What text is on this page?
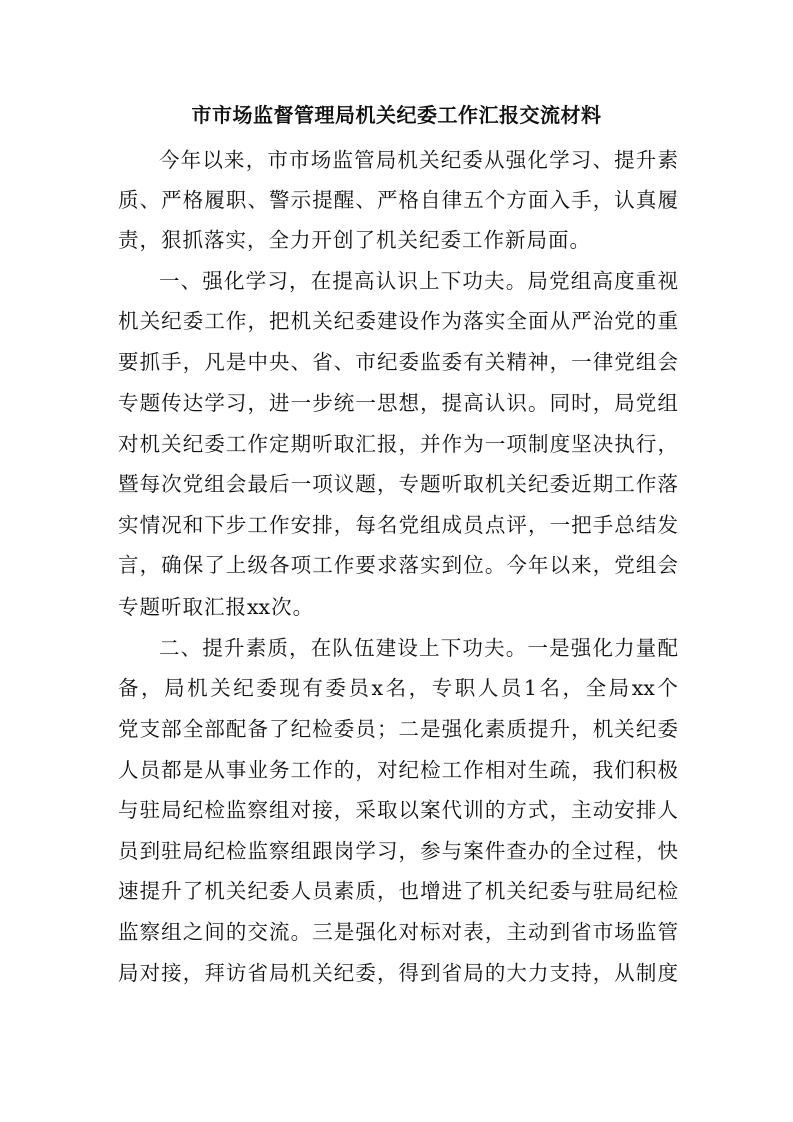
市市场监督管理局机关纪委工作汇报交流材料
今 年 以 来 ， 市 市 场 监 管 局 机 关 纪 委 从 强 化 学 习 、 提 升 素
质 、 严 格 履 职 、 警 示 提 醒 、 严 格 自 律 五 个 方 面 入 手 ， 认 真 履
责 ， 狠 抓 落 实 ， 全 力 开 创 了 机 关 纪 委 工 作 新 局 面 。
一 、 强 化 学 习 ， 在 提 高 认 识 上 下 功 夫 。 局 党 组 高 度 重 视
机 关 纪 委 工 作 ， 把 机 关 纪 委 建 设 作 为 落 实 全 面 从 严 治 党 的 重
要 抓 手 ， 凡 是 中 央 、 省 、 市 纪 委 监 委 有 关 精 神 ， 一 律 党 组 会
专 题 传 达 学 习 ， 进 一 步 统 一 思 想 ， 提 高 认 识 。 同 时 ， 局 党 组
对 机 关 纪 委 工 作 定 期 听 取 汇 报 ， 并 作 为 一 项 制 度 坚 决 执 行 ，
暨 每 次 党 组 会 最 后 一 项 议 题 ， 专 题 听 取 机 关 纪 委 近 期 工 作 落
实 情 况 和 下 步 工 作 安 排 ， 每 名 党 组 成 员 点 评 ， 一 把 手 总 结 发
言 ， 确 保 了 上 级 各 项 工 作 要 求 落 实 到 位 。 今 年 以 来 ， 党 组 会
专 题 听 取 汇 报 xx 次 。
二 、 提 升 素 质 ， 在 队 伍 建 设 上 下 功 夫 。 一 是 强 化 力 量 配
备 ， 局 机 关 纪 委 现 有 委 员 x 名 ， 专 职 人 员 1 名 ， 全 局 xx 个
党 支 部 全 部 配 备 了 纪 检 委 员 ； 二 是 强 化 素 质 提 升 ， 机 关 纪 委
人 员 都 是 从 事 业 务 工 作 的 ， 对 纪 检 工 作 相 对 生 疏 ， 我 们 积 极
与 驻 局 纪 检 监 察 组 对 接 ， 采 取 以 案 代 训 的 方 式 ， 主 动 安 排 人
员 到 驻 局 纪 检 监 察 组 跟 岗 学 习 ， 参 与 案 件 查 办 的 全 过 程 ， 快
速 提 升 了 机 关 纪 委 人 员 素 质 ， 也 增 进 了 机 关 纪 委 与 驻 局 纪 检
监 察 组 之 间 的 交 流 。 三 是 强 化 对 标 对 表 ， 主 动 到 省 市 场 监 管
局 对 接 ， 拜 访 省 局 机 关 纪 委 ， 得 到 省 局 的 大 力 支 持 ， 从 制 度
